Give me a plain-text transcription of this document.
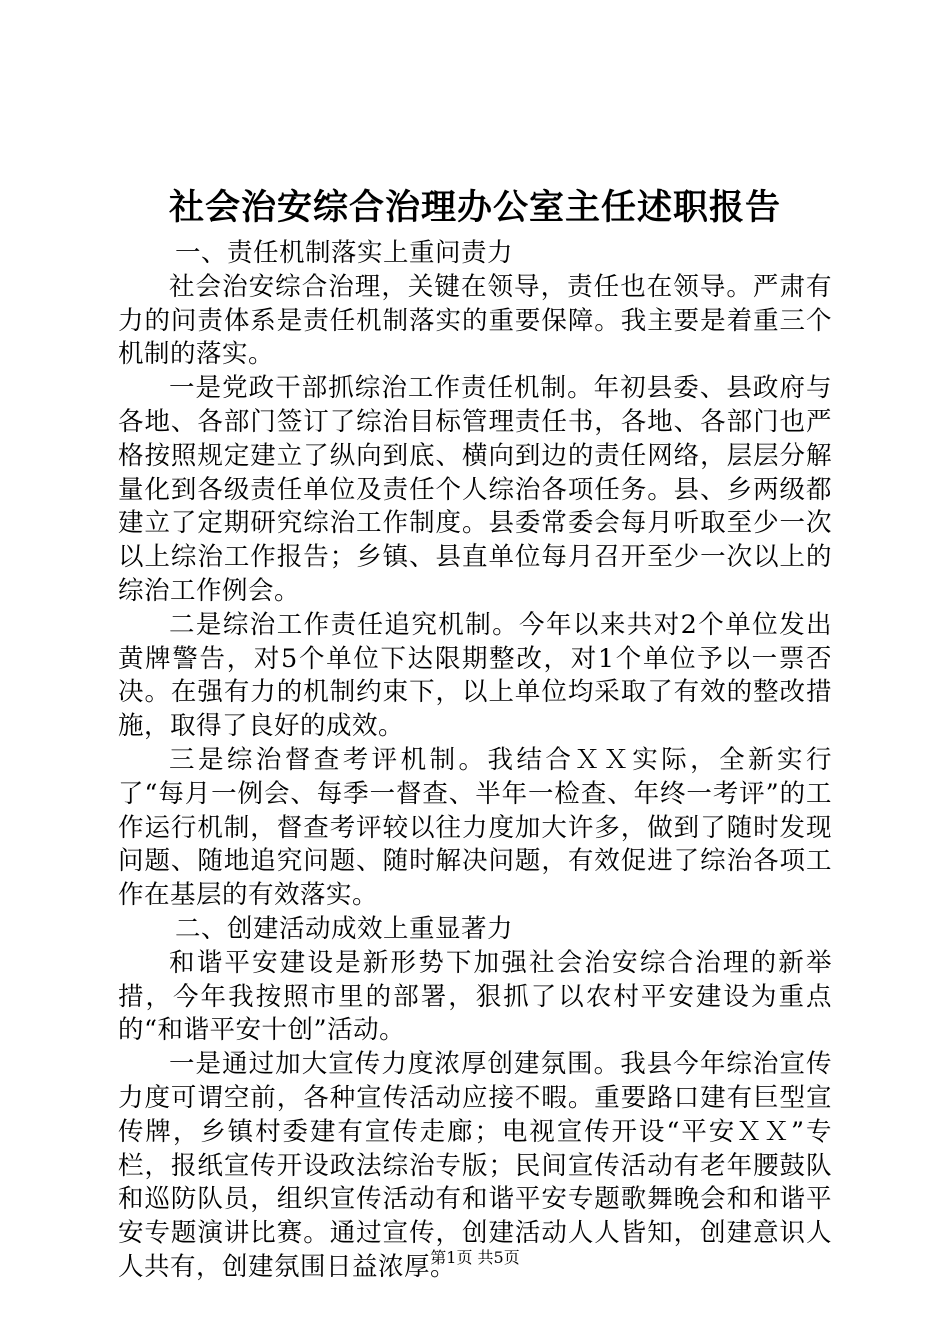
社会治安综合治理办公室主任述职报告

一、责任机制落实上重问责力

社会治安综合治理，关键在领导，责任也在领导。严肃有力的问责体系是责任机制落实的重要保障。我主要是着重三个机制的落实。

一是党政干部抓综治工作责任机制。年初县委、县政府与各地、各部门签订了综治目标管理责任书，各地、各部门也严格按照规定建立了纵向到底、横向到边的责任网络，层层分解量化到各级责任单位及责任个人综治各项任务。县、乡两级都建立了定期研究综治工作制度。县委常委会每月听取至少一次以上综治工作报告；乡镇、县直单位每月召开至少一次以上的综治工作例会。

二是综治工作责任追究机制。今年以来共对2个单位发出黄牌警告，对5个单位下达限期整改，对1个单位予以一票否决。在强有力的机制约束下，以上单位均采取了有效的整改措施，取得了良好的成效。

三是综治督查考评机制。我结合ＸＸ实际，全新实行了“每月一例会、每季一督查、半年一检查、年终一考评”的工作运行机制，督查考评较以往力度加大许多，做到了随时发现问题、随地追究问题、随时解决问题，有效促进了综治各项工作在基层的有效落实。

二、创建活动成效上重显著力

和谐平安建设是新形势下加强社会治安综合治理的新举措，今年我按照市里的部署，狠抓了以农村平安建设为重点的“和谐平安十创”活动。

一是通过加大宣传力度浓厚创建氛围。我县今年综治宣传力度可谓空前，各种宣传活动应接不暇。重要路口建有巨型宣传牌，乡镇村委建有宣传走廊；电视宣传开设“平安ＸＸ”专栏，报纸宣传开设政法综治专版；民间宣传活动有老年腰鼓队和巡防队员，组织宣传活动有和谐平安专题歌舞晚会和和谐平安专题演讲比赛。通过宣传，创建活动人人皆知，创建意识人人共有，创建氛围日益浓厚。

第1页 共5页
